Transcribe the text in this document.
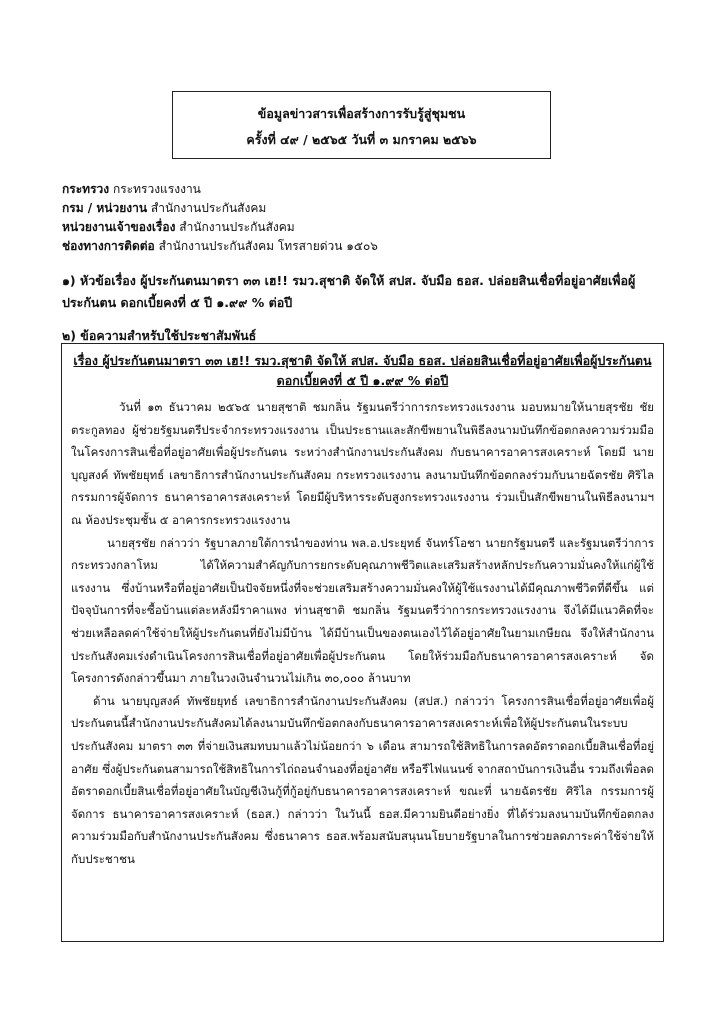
ข้อมูลข่าวสารเพื่อสร้างการรับรู้สู่ชุมชน
ครั้งที่ ๔๙ / ๒๕๖๕ วันที่ ๓ มกราคม ๒๕๖๖
กระทรวง กระทรวงแรงงาน
กรม / หน่วยงาน สำนักงานประกันสังคม
หน่วยงานเจ้าของเรื่อง สำนักงานประกันสังคม
ช่องทางการติดต่อ สำนักงานประกันสังคม โทรสายด่วน ๑๕๐๖
๑) หัวข้อเรื่อง ผู้ประกันตนมาตรา ๓๓ เฮ!! รมว.สุชาติ จัดให้ สปส. จับมือ ธอส. ปล่อยสินเชื่อที่อยู่อาศัยเพื่อผู้ประกันตน ดอกเบี้ยคงที่ ๕ ปี ๑.๙๙ % ต่อปี
๒) ข้อความสำหรับใช้ประชาสัมพันธ์
เรื่อง ผู้ประกันตนมาตรา ๓๓ เฮ!! รมว.สุชาติ จัดให้ สปส. จับมือ ธอส. ปล่อยสินเชื่อที่อยู่อาศัยเพื่อผู้ประกันตน ดอกเบี้ยคงที่ ๕ ปี ๑.๙๙ % ต่อปี

วันที่ ๑๓ ธันวาคม ๒๕๖๕ นายสุชาติ ชมกลิ่น รัฐมนตรีว่าการกระทรวงแรงงาน มอบหมายให้นายสุรชัย ชัยตระกูลทอง ผู้ช่วยรัฐมนตรีประจำกระทรวงแรงงาน เป็นประธานและสักขีพยานในพิธีลงนามบันทึกข้อตกลงความร่วมมือในโครงการสินเชื่อที่อยู่อาศัยเพื่อผู้ประกันตน ระหว่างสำนักงานประกันสังคม กับธนาคารอาคารสงเคราะห์ โดยมี นายบุญสงค์ ทัพชัยยุทธ์ เลขาธิการสำนักงานประกันสังคม กระทรวงแรงงาน ลงนามบันทึกข้อตกลงร่วมกับนายฉัตรชัย ศิริไล กรรมการผู้จัดการ ธนาคารอาคารสงเคราะห์ โดยมีผู้บริหารระดับสูงกระทรวงแรงงาน ร่วมเป็นสักขีพยานในพิธีลงนามฯ ณ ห้องประชุมชั้น ๕ อาคารกระทรวงแรงงาน

นายสุรชัย กล่าวว่า รัฐบาลภายใต้การนำของท่าน พล.อ.ประยุทธ์ จันทร์โอชา นายกรัฐมนตรี และรัฐมนตรีว่าการกระทรวงกลาโหม ได้ให้ความสำคัญกับการยกระดับคุณภาพชีวิตและเสริมสร้างหลักประกันความมั่นคงให้แก่ผู้ใช้แรงงาน ซึ่งบ้านหรือที่อยู่อาศัยเป็นปัจจัยหนึ่งที่จะช่วยเสริมสร้างความมั่นคงให้ผู้ใช้แรงงานได้มีคุณภาพชีวิตที่ดีขึ้น แต่ปัจจุบันการที่จะซื้อบ้านแต่ละหลังมีราคาแพง ท่านสุชาติ ชมกลิ่น รัฐมนตรีว่าการกระทรวงแรงงาน จึงได้มีแนวคิดที่จะช่วยเหลือลดค่าใช้จ่ายให้ผู้ประกันตนที่ยังไม่มีบ้าน ได้มีบ้านเป็นของตนเองไว้ได้อยู่อาศัยในยามเกษียณ จึงให้สำนักงานประกันสังคมเร่งดำเนินโครงการสินเชื่อที่อยู่อาศัยเพื่อผู้ประกันตน โดยให้ร่วมมือกับธนาคารอาคารสงเคราะห์ จัดโครงการดังกล่าวขึ้นมา ภายในวงเงินจำนวนไม่เกิน ๓๐,๐๐๐ ล้านบาท

ด้าน นายบุญสงค์ ทัพชัยยุทธ์ เลขาธิการสำนักงานประกันสังคม (สปส.) กล่าวว่า โครงการสินเชื่อที่อยู่อาศัยเพื่อผู้ประกันตนนี้สำนักงานประกันสังคมได้ลงนามบันทึกข้อตกลงกับธนาคารอาคารสงเคราะห์เพื่อให้ผู้ประกันตนในระบบประกันสังคม มาตรา ๓๓ ที่จ่ายเงินสมทบมาแล้วไม่น้อยกว่า ๖ เดือน สามารถใช้สิทธิในการลดอัตราดอกเบี้ยสินเชื่อที่อยู่อาศัย ซึ่งผู้ประกันตนสามารถใช้สิทธิในการไถ่ถอนจำนองที่อยู่อาศัย หรือรีไฟแนนซ์ จากสถาบันการเงินอื่น รวมถึงเพื่อลดอัตราดอกเบี้ยสินเชื่อที่อยู่อาศัยในบัญชีเงินกู้ที่กู้อยู่กับธนาคารอาคารสงเคราะห์ ขณะที่ นายฉัตรชัย ศิริไล กรรมการผู้จัดการ ธนาคารอาคารสงเคราะห์ (ธอส.) กล่าวว่า ในวันนี้ ธอส.มีความยินดีอย่างยิ่ง ที่ได้ร่วมลงนามบันทึกข้อตกลงความร่วมมือกับสำนักงานประกันสังคม ซึ่งธนาคาร ธอส.พร้อมสนับสนุนนโยบายรัฐบาลในการช่วยลดภาระค่าใช้จ่ายให้กับประชาชน
